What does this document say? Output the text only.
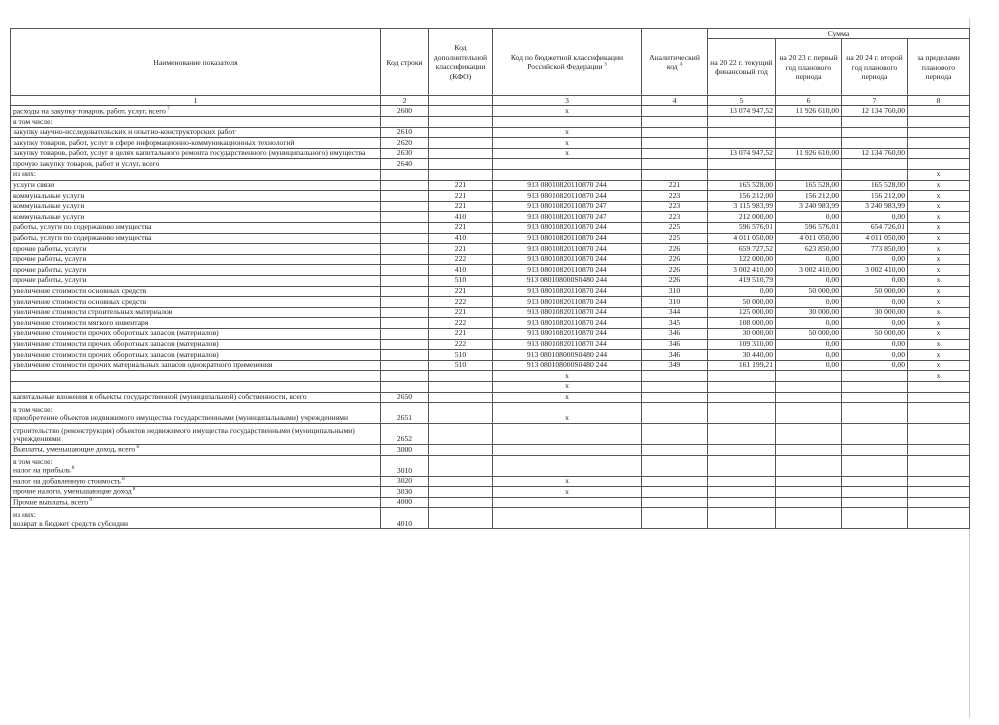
Наименование показателя	Код строки	Код дополнительной классификации (КФО)	Код по бюджетной классификации Российской Федерации $^3$	Аналитический код $^4$	Сумма			
					на 20 22 г. текущий финансовый год	на 20 23 г. первый год планового периода	на 20 24 г. второй год планового периода	за пределами планового периода
1	2		3	4	5	6	7	8
расходы на закупку товаров, работ, услуг, всего $^7$	2600		x		13 074 947,52	11 926 610,00	12 134 760,00	
в том числе:								
закупку научно-исследовательских и опытно-конструкторских работ	2610		x					
закупку товаров, работ, услуг в сфере информационно-коммуникационных технологий	2620		x					
закупку товаров, работ, услуг в целях капитального ремонта государственного (муниципального) имущества	2630		x		13 074 947,52	11 926 610,00	12 134 760,00	
прочую закупку товаров, работ и услуг, всего	2640							
из них:								x
услуги связи		221	913 08010820110870 244	221	165 528,00	165 528,00	165 528,00	x
коммунальные услуги		221	913 08010820110870 244	223	156 212,00	156 212,00	156 212,00	x
коммунальные услуги		221	913 08010820110870 247	223	3 115 983,99	3 240 983,99	3 240 983,99	x
коммунальные услуги		410	913 08010820110870 247	223	212 000,00	0,00	0,00	x
работы, услуги по содержанию имущества		221	913 08010820110870 244	225	596 576,01	596 576,01	654 726,01	x
работы, услуги по содержанию имущества		410	913 08010820110870 244	225	4 011 050,00	4 011 050,00	4 011 050,00	x
прочие работы, услуги		221	913 08010820110870 244	226	659 727,52	623 850,00	773 850,00	x
прочие работы, услуги		222	913 08010820110870 244	226	122 000,00	0,00	0,00	x
прочие работы, услуги		410	913 08010820110870 244	226	3 002 410,00	3 002 410,00	3 002 410,00	x
прочие работы, услуги		510	913 080108000S0480 244	226	419 510,79	0,00	0,00	x
увеличение стоимости основных средств		221	913 08010820110870 244	310	0,00	50 000,00	50 000,00	x
увеличение стоимости основных средств		222	913 08010820110870 244	310	50 000,00	0,00	0,00	x
увеличение стоимости строительных материалов		221	913 08010820110870 244	344	125 000,00	30 000,00	30 000,00	x
увеличение стоимости мягкого инвентаря		222	913 08010820110870 244	345	108 000,00	0,00	0,00	x
увеличение стоимости прочих оборотных запасов (материалов)		221	913 08010820110870 244	346	30 000,00	50 000,00	50 000,00	x
увеличение стоимости прочих оборотных запасов (материалов)		222	913 08010820110870 244	346	109 310,00	0,00	0,00	x
увеличение стоимости прочих оборотных запасов (материалов)		510	913 080108000S0480 244	346	30 440,00	0,00	0,00	x
увеличение стоимости прочих материальных запасов однократного применения		510	913 080108000S0480 244	349	161 199,21	0,00	0,00	x
			x					x
			x					
капитальные вложения в объекты государственной (муниципальной) собственности, всего	2650		x					
в том числе:
приобретение объектов недвижимого имущества государственными (муниципальными) учреждениями	2651		x					
строительство (реконструкция) объектов недвижимого имущества государственными (муниципальными) учреждениями	2652							
Выплаты, уменьшающие доход, всего $^8$	3000							
в том числе:
налог на прибыль $^8$	3010							
налог на добавленную стоимость $^8$	3020		x					
прочие налоги, уменьшающие доход $^8$	3030		x					
Прочие выплаты, всего $^9$	4000							
из них:
возврат в бюджет средств субсидии	4010							
